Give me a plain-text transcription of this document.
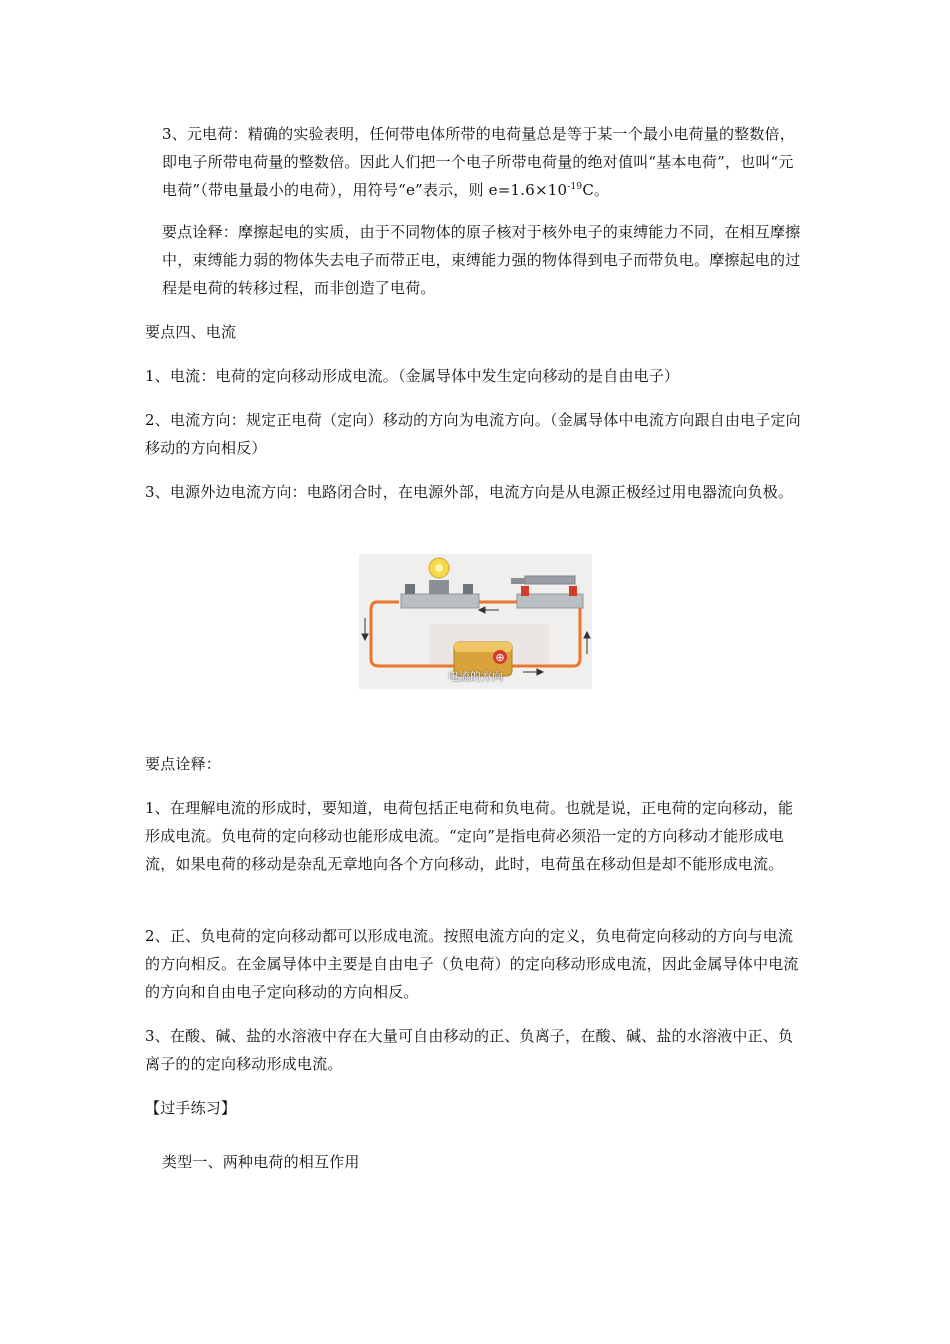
3、元电荷：精确的实验表明，任何带电体所带的电荷量总是等于某一个最小电荷量的整数倍，即电子所带电荷量的整数倍。因此人们把一个电子所带电荷量的绝对值叫“基本电荷”，也叫“元电荷”（带电量最小的电荷），用符号“e”表示，则 $e=1.6\times 10^{-19}C$。

要点诠释：摩擦起电的实质，由于不同物体的原子核对于核外电子的束缚能力不同，在相互摩擦中，束缚能力弱的物体失去电子而带正电，束缚能力强的物体得到电子而带负电。摩擦起电的过程是电荷的转移过程，而非创造了电荷。

要点四、电流

1、电流：电荷的定向移动形成电流。（金属导体中发生定向移动的是自由电子）

2、电流方向：规定正电荷（定向）移动的方向为电流方向。（金属导体中电流方向跟自由电子定向移动的方向相反）

3、电源外边电流方向：电路闭合时，在电源外部，电流方向是从电源正极经过用电器流向负极。

⊕
电流的方向

要点诠释：

1、在理解电流的形成时，要知道，电荷包括正电荷和负电荷。也就是说，正电荷的定向移动，能形成电流。负电荷的定向移动也能形成电流。“定向”是指电荷必须沿一定的方向移动才能形成电流，如果电荷的移动是杂乱无章地向各个方向移动，此时，电荷虽在移动但是却不能形成电流。

2、正、负电荷的定向移动都可以形成电流。按照电流方向的定义，负电荷定向移动的方向与电流的方向相反。在金属导体中主要是自由电子（负电荷）的定向移动形成电流，因此金属导体中电流的方向和自由电子定向移动的方向相反。

3、在酸、碱、盐的水溶液中存在大量可自由移动的正、负离子，在酸、碱、盐的水溶液中正、负离子的的定向移动形成电流。

【过手练习】

类型一、两种电荷的相互作用
